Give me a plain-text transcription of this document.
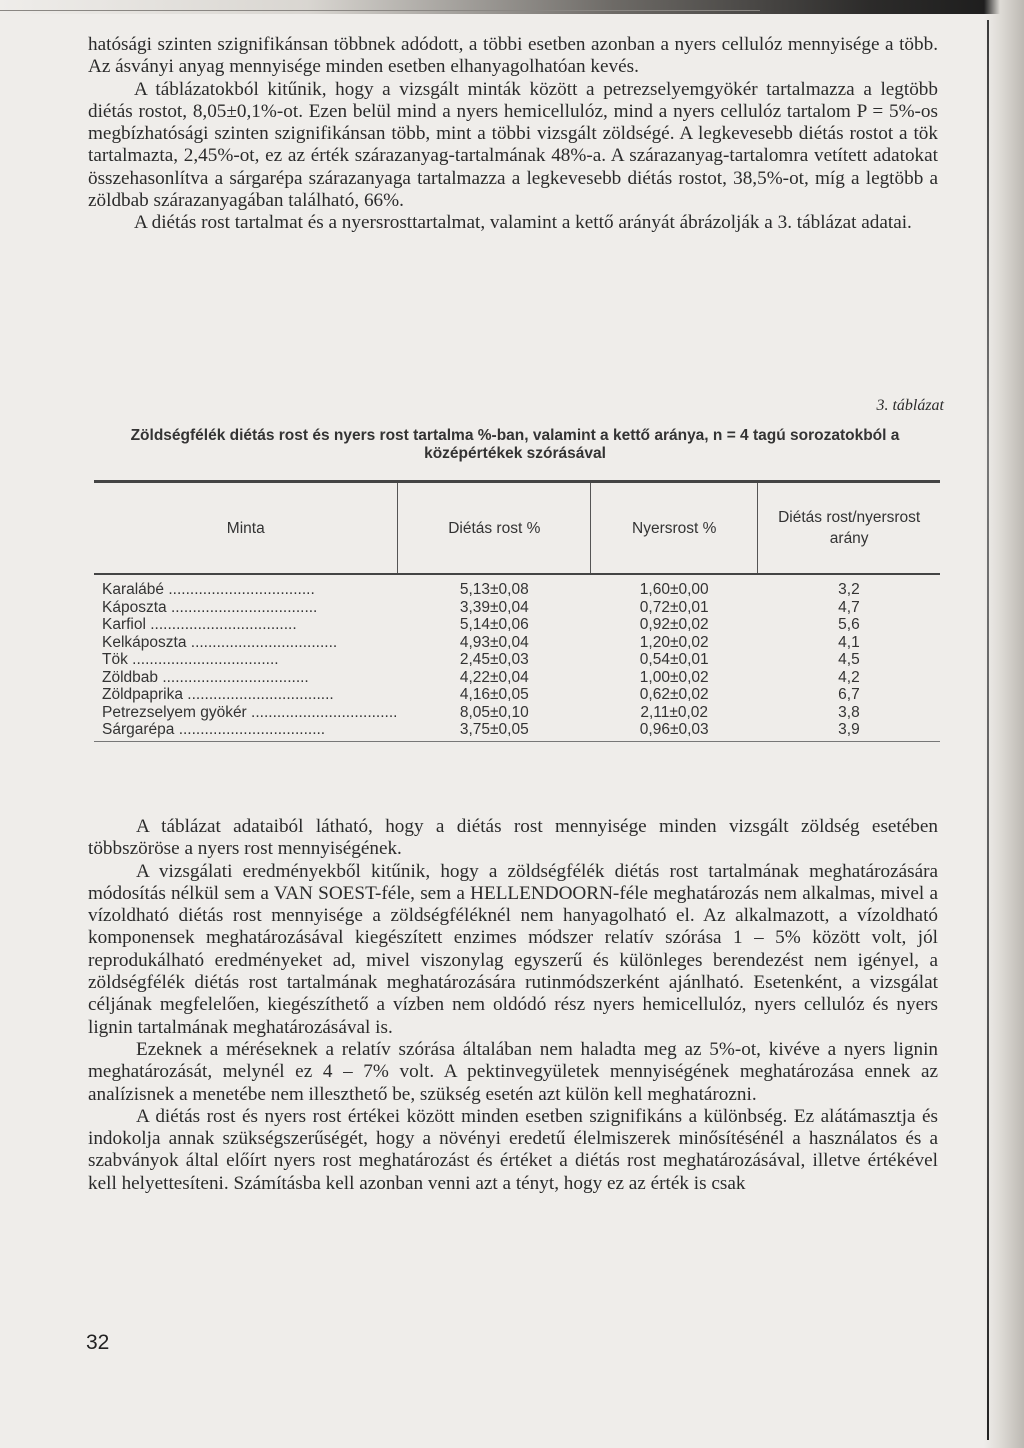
hatósági szinten szignifikánsan többnek adódott, a többi esetben azonban a nyers cellulóz mennyisége a több. Az ásványi anyag mennyisége minden esetben elhanyagolhatóan kevés.

A táblázatokból kitűnik, hogy a vizsgált minták között a petrezselyemgyökér tartalmazza a legtöbb diétás rostot, 8,05±0,1%-ot. Ezen belül mind a nyers hemicellulóz, mind a nyers cellulóz tartalom P = 5%-os megbízhatósági szinten szignifikánsan több, mint a többi vizsgált zöldségé. A legkevesebb diétás rostot a tök tartalmazta, 2,45%-ot, ez az érték szárazanyag-tartalmának 48%-a. A szárazanyag-tartalomra vetített adatokat összehasonlítva a sárgarépa szárazanyaga tartalmazza a legkevesebb diétás rostot, 38,5%-ot, míg a legtöbb a zöldbab szárazanyagában található, 66%.

A diétás rost tartalmat és a nyersrosttartalmat, valamint a kettő arányát ábrázolják a 3. táblázat adatai.

3. táblázat
Zöldségfélék diétás rost és nyers rost tartalma %-ban, valamint a kettő aránya, n = 4 tagú sorozatokból a középértékek szórásával
Minta	Diétás rost %	Nyersrost %	Diétás rost/nyersrost arány
Karalábé ..................................	5,13±0,08	1,60±0,00	3,2
Káposzta ..................................	3,39±0,04	0,72±0,01	4,7
Karfiol ..................................	5,14±0,06	0,92±0,02	5,6
Kelkáposzta ..................................	4,93±0,04	1,20±0,02	4,1
Tök ..................................	2,45±0,03	0,54±0,01	4,5
Zöldbab ..................................	4,22±0,04	1,00±0,02	4,2
Zöldpaprika ..................................	4,16±0,05	0,62±0,02	6,7
Petrezselyem gyökér ..................................	8,05±0,10	2,11±0,02	3,8
Sárgarépa ..................................	3,75±0,05	0,96±0,03	3,9

A táblázat adataiból látható, hogy a diétás rost mennyisége minden vizsgált zöldség esetében többszöröse a nyers rost mennyiségének.

A vizsgálati eredményekből kitűnik, hogy a zöldségfélék diétás rost tartalmának meghatározására módosítás nélkül sem a VAN SOEST-féle, sem a HELLENDOORN-féle meghatározás nem alkalmas, mivel a vízoldható diétás rost mennyisége a zöldségféléknél nem hanyagolható el. Az alkalmazott, a vízoldható komponensek meghatározásával kiegészített enzimes módszer relatív szórása 1 – 5% között volt, jól reprodukálható eredményeket ad, mivel viszonylag egyszerű és különleges berendezést nem igényel, a zöldségfélék diétás rost tartalmának meghatározására rutinmódszerként ajánlható. Esetenként, a vizsgálat céljának megfelelően, kiegészíthető a vízben nem oldódó rész nyers hemicellulóz, nyers cellulóz és nyers lignin tartalmának meghatározásával is.

Ezeknek a méréseknek a relatív szórása általában nem haladta meg az 5%-ot, kivéve a nyers lignin meghatározását, melynél ez 4 – 7% volt. A pektinvegyületek mennyiségének meghatározása ennek az analízisnek a menetébe nem illeszthető be, szükség esetén azt külön kell meghatározni.

A diétás rost és nyers rost értékei között minden esetben szignifikáns a különbség. Ez alátámasztja és indokolja annak szükségszerűségét, hogy a növényi eredetű élelmiszerek minősítésénél a használatos és a szabványok által előírt nyers rost meghatározást és értéket a diétás rost meghatározásával, illetve értékével kell helyettesíteni. Számításba kell azonban venni azt a tényt, hogy ez az érték is csak

32
